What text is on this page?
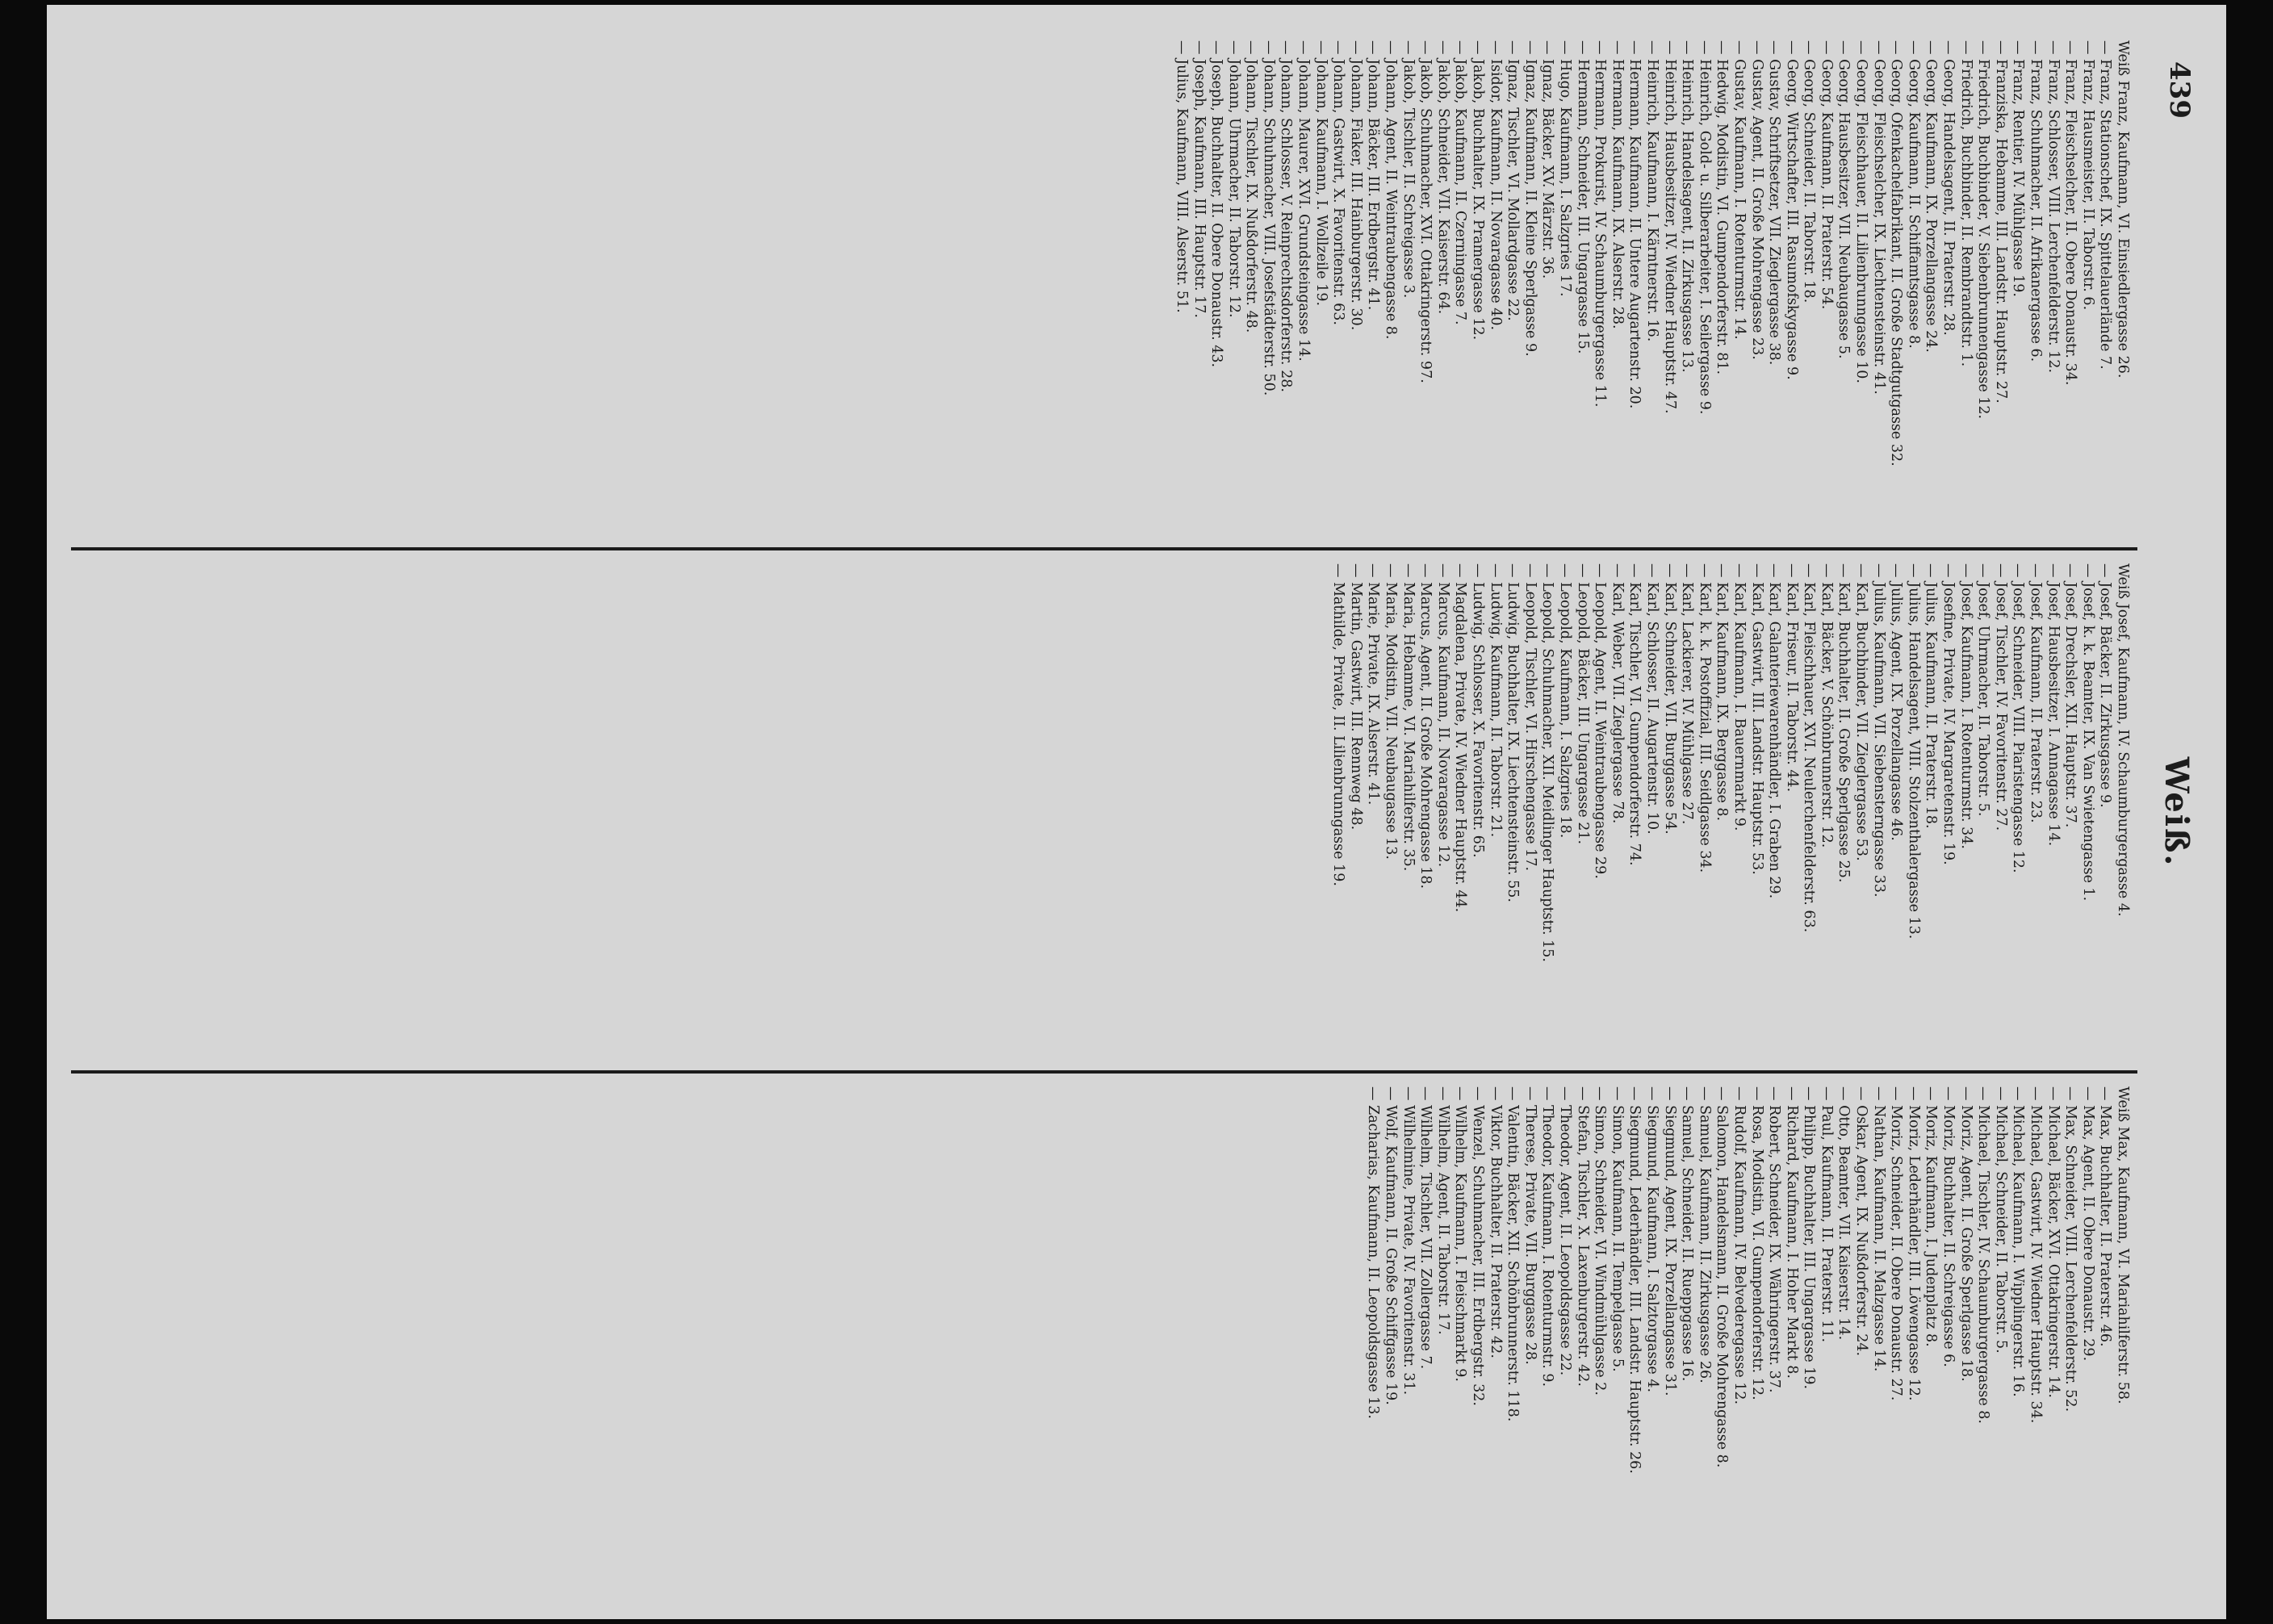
439
Weiß.

Weiß Franz, Kaufmann, VI. Einsiedlergasse 26.

— Franz, Stationschef, IX. Spittelauerlände 7.

— Franz, Hausmeister, II. Taborstr. 6.

— Franz, Fleischselcher, II. Obere Donaustr. 34.

— Franz, Schlosser, VIII. Lerchenfelderstr. 12.

— Franz, Schuhmacher, II. Afrikanergasse 6.

— Franz, Rentier, IV. Mühlgasse 19.

— Franziska, Hebamme, III. Landstr. Hauptstr. 27.

— Friedrich, Buchbinder, V. Siebenbrunnengasse 12.

— Friedrich, Buchbinder, II. Rembrandtstr. 1.

— Georg, Handelsagent, II. Praterstr. 28.

— Georg, Kaufmann, IX. Porzellangasse 24.

— Georg, Kaufmann, II. Schiffamtsgasse 8.

— Georg, Ofenkachelfabrikant, II. Große Stadtgutgasse 32.

— Georg, Fleischselcher, IX. Liechtensteinstr. 41.

— Georg, Fleischhauer, II. Lilienbrunngasse 10.

— Georg, Hausbesitzer, VII. Neubaugasse 5.

— Georg, Kaufmann, II. Praterstr. 54.

— Georg, Schneider, II. Taborstr. 18.

— Georg, Wirtschafter, III. Rasumofskygasse 9.

— Gustav, Schriftsetzer, VII. Zieglergasse 38.

— Gustav, Agent, II. Große Mohrengasse 23.

— Gustav, Kaufmann, I. Rotenturmstr. 14.

— Hedwig, Modistin, VI. Gumpendorferstr. 81.

— Heinrich, Gold- u. Silberarbeiter, I. Seilergasse 9.

— Heinrich, Handelsagent, II. Zirkusgasse 13.

— Heinrich, Hausbesitzer, IV. Wiedner Hauptstr. 47.

— Heinrich, Kaufmann, I. Kärntnerstr. 16.

— Hermann, Kaufmann, II. Untere Augartenstr. 20.

— Hermann, Kaufmann, IX. Alserstr. 28.

— Hermann, Prokurist, IV. Schaumburgergasse 11.

— Hermann, Schneider, III. Ungargasse 15.

— Hugo, Kaufmann, I. Salzgries 17.

— Ignaz, Bäcker, XV. Märzstr. 36.

— Ignaz, Kaufmann, II. Kleine Sperlgasse 9.

— Ignaz, Tischler, VI. Mollardgasse 22.

— Isidor, Kaufmann, II. Novaragasse 40.

— Jakob, Buchhalter, IX. Pramergasse 12.

— Jakob, Kaufmann, II. Czerningasse 7.

— Jakob, Schneider, VII. Kaiserstr. 64.

— Jakob, Schuhmacher, XVI. Ottakringerstr. 97.

— Jakob, Tischler, II. Schreigasse 3.

— Johann, Agent, II. Weintraubengasse 8.

— Johann, Bäcker, III. Erdbergstr. 41.

— Johann, Fiaker, III. Hainburgerstr. 30.

— Johann, Gastwirt, X. Favoritenstr. 63.

— Johann, Kaufmann, I. Wollzeile 19.

— Johann, Maurer, XVI. Grundsteingasse 14.

— Johann, Schlosser, V. Reinprechtsdorferstr. 28.

— Johann, Schuhmacher, VIII. Josefstädterstr. 50.

— Johann, Tischler, IX. Nußdorferstr. 48.

— Johann, Uhrmacher, II. Taborstr. 12.

— Joseph, Buchhalter, II. Obere Donaustr. 43.

— Joseph, Kaufmann, III. Hauptstr. 17.

— Julius, Kaufmann, VIII. Alserstr. 51.

Weiß Josef, Kaufmann, IV. Schaumburgergasse 4.

— Josef, Bäcker, II. Zirkusgasse 9.

— Josef, k. k. Beamter, IX. Van Swietengasse 1.

— Josef, Drechsler, XII. Hauptstr. 37.

— Josef, Hausbesitzer, I. Annagasse 14.

— Josef, Kaufmann, II. Praterstr. 23.

— Josef, Schneider, VIII. Piaristengasse 12.

— Josef, Tischler, IV. Favoritenstr. 27.

— Josef, Uhrmacher, II. Taborstr. 5.

— Josef, Kaufmann, I. Rotenturmstr. 34.

— Josefine, Private, IV. Margaretenstr. 19.

— Julius, Kaufmann, II. Praterstr. 18.

— Julius, Handelsagent, VIII. Stolzenthalergasse 13.

— Julius, Agent, IX. Porzellangasse 46.

— Julius, Kaufmann, VII. Siebensterngasse 33.

— Karl, Buchbinder, VII. Zieglergasse 53.

— Karl, Buchhalter, II. Große Sperlgasse 25.

— Karl, Bäcker, V. Schönbrunnerstr. 12.

— Karl, Fleischhauer, XVI. Neulerchenfelderstr. 63.

— Karl, Friseur, II. Taborstr. 44.

— Karl, Galanteriewarenhändler, I. Graben 29.

— Karl, Gastwirt, III. Landstr. Hauptstr. 53.

— Karl, Kaufmann, I. Bauernmarkt 9.

— Karl, Kaufmann, IX. Berggasse 8.

— Karl, k. k. Postoffizial, III. Seidlgasse 34.

— Karl, Lackierer, IV. Mühlgasse 27.

— Karl, Schneider, VII. Burggasse 54.

— Karl, Schlosser, II. Augartenstr. 10.

— Karl, Tischler, VI. Gumpendorferstr. 74.

— Karl, Weber, VII. Zieglergasse 78.

— Leopold, Agent, II. Weintraubengasse 29.

— Leopold, Bäcker, III. Ungargasse 21.

— Leopold, Kaufmann, I. Salzgries 18.

— Leopold, Schuhmacher, XII. Meidlinger Hauptstr. 15.

— Leopold, Tischler, VI. Hirschengasse 17.

— Ludwig, Buchhalter, IX. Liechtensteinstr. 55.

— Ludwig, Kaufmann, II. Taborstr. 21.

— Ludwig, Schlosser, X. Favoritenstr. 65.

— Magdalena, Private, IV. Wiedner Hauptstr. 44.

— Marcus, Kaufmann, II. Novaragasse 12.

— Marcus, Agent, II. Große Mohrengasse 18.

— Maria, Hebamme, VI. Mariahilferstr. 35.

— Maria, Modistin, VII. Neubaugasse 13.

— Marie, Private, IX. Alserstr. 41.

— Martin, Gastwirt, III. Rennweg 48.

— Mathilde, Private, II. Lilienbrunngasse 19.

Weiß Max, Kaufmann, VI. Mariahilferstr. 58.

— Max, Buchhalter, II. Praterstr. 46.

— Max, Agent, II. Obere Donaustr. 29.

— Max, Schneider, VIII. Lerchenfelderstr. 52.

— Michael, Bäcker, XVI. Ottakringerstr. 14.

— Michael, Gastwirt, IV. Wiedner Hauptstr. 34.

— Michael, Kaufmann, I. Wipplingerstr. 16.

— Michael, Schneider, II. Taborstr. 5.

— Michael, Tischler, IV. Schaumburgergasse 8.

— Moriz, Agent, II. Große Sperlgasse 18.

— Moriz, Buchhalter, II. Schreigasse 6.

— Moriz, Kaufmann, I. Judenplatz 8.

— Moriz, Lederhändler, III. Löwengasse 12.

— Moriz, Schneider, II. Obere Donaustr. 27.

— Nathan, Kaufmann, II. Malzgasse 14.

— Oskar, Agent, IX. Nußdorferstr. 24.

— Otto, Beamter, VII. Kaiserstr. 14.

— Paul, Kaufmann, II. Praterstr. 11.

— Philipp, Buchhalter, III. Ungargasse 19.

— Richard, Kaufmann, I. Hoher Markt 8.

— Robert, Schneider, IX. Währingerstr. 37.

— Rosa, Modistin, VI. Gumpendorferstr. 12.

— Rudolf, Kaufmann, IV. Belvederegasse 12.

— Salomon, Handelsmann, II. Große Mohrengasse 8.

— Samuel, Kaufmann, II. Zirkusgasse 26.

— Samuel, Schneider, II. Rueppgasse 16.

— Siegmund, Agent, IX. Porzellangasse 31.

— Siegmund, Kaufmann, I. Salztorgasse 4.

— Siegmund, Lederhändler, III. Landstr. Hauptstr. 26.

— Simon, Kaufmann, II. Tempelgasse 5.

— Simon, Schneider, VI. Windmühlgasse 2.

— Stefan, Tischler, X. Laxenburgerstr. 42.

— Theodor, Agent, II. Leopoldsgasse 22.

— Theodor, Kaufmann, I. Rotenturmstr. 9.

— Therese, Private, VII. Burggasse 28.

— Valentin, Bäcker, XII. Schönbrunnerstr. 118.

— Viktor, Buchhalter, II. Praterstr. 42.

— Wenzel, Schuhmacher, III. Erdbergstr. 32.

— Wilhelm, Kaufmann, I. Fleischmarkt 9.

— Wilhelm, Agent, II. Taborstr. 17.

— Wilhelm, Tischler, VII. Zollergasse 7.

— Wilhelmine, Private, IV. Favoritenstr. 31.

— Wolf, Kaufmann, II. Große Schiffgasse 19.

— Zacharias, Kaufmann, II. Leopoldsgasse 13.
